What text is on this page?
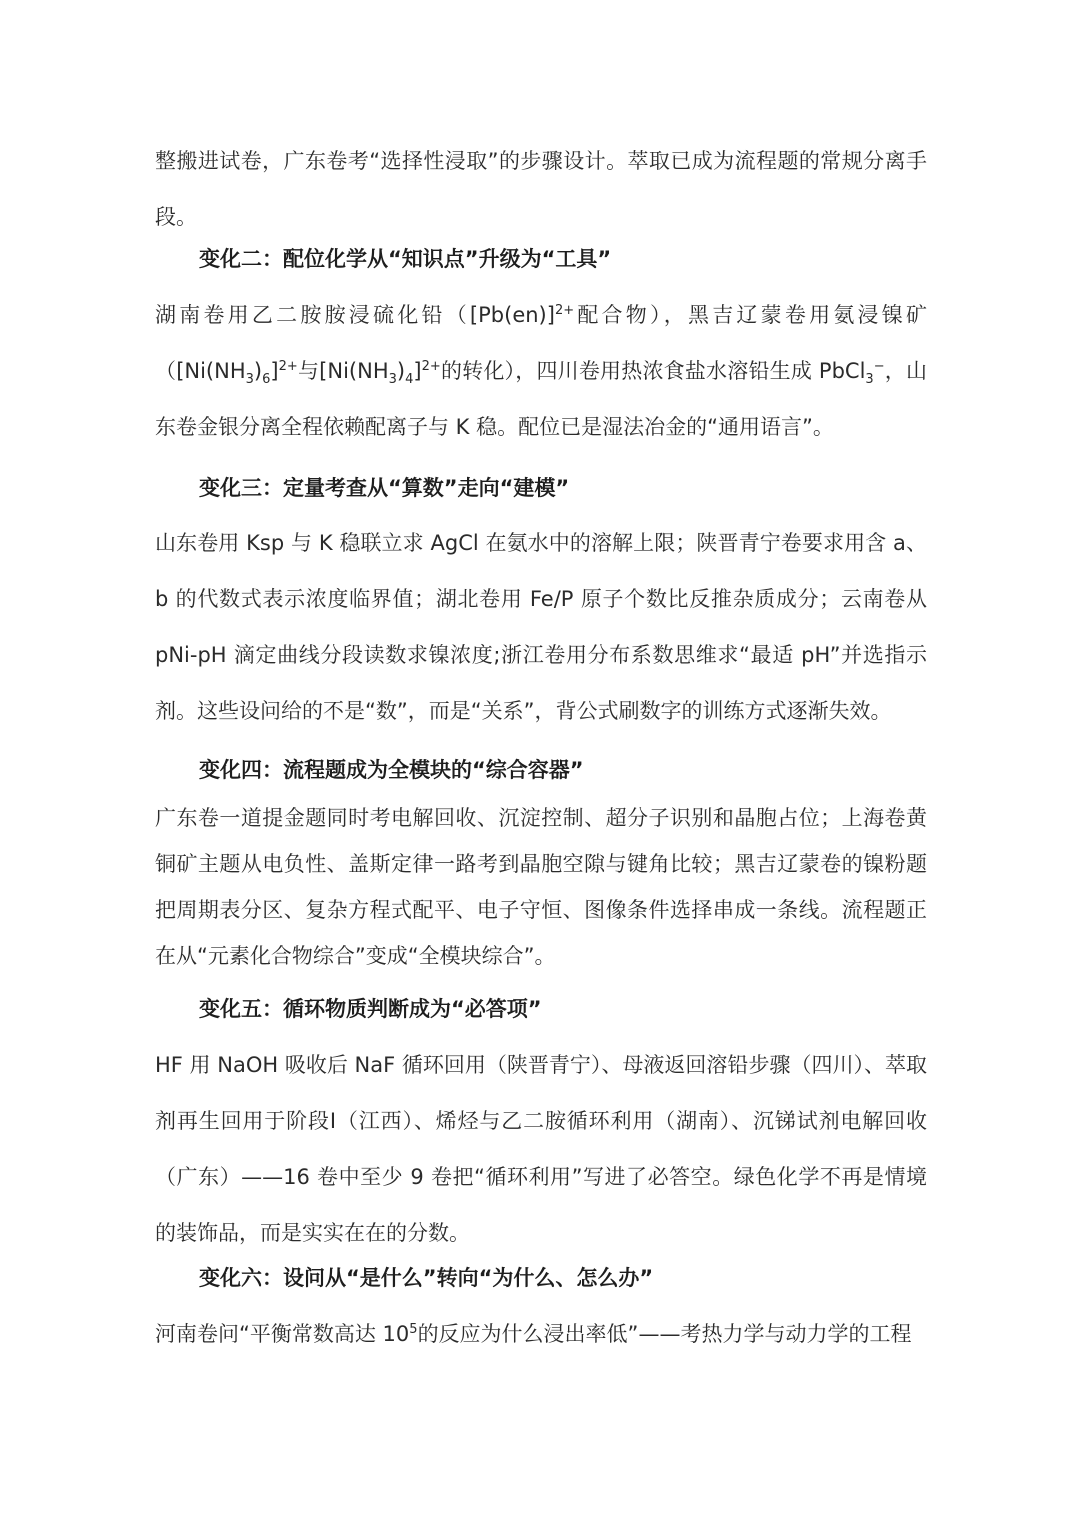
整搬进试卷，广东卷考“选择性浸取”的步骤设计。萃取已成为流程题的常规分离手段。

变化二：配位化学从“知识点”升级为“工具”

湖南卷用乙二胺胺浸硫化铅（$[Pb(en)]^{2+}$配合物），黑吉辽蒙卷用氨浸镍矿（$[Ni(NH_3)_6]^{2+}$与$[Ni(NH_3)_4]^{2+}$的转化），四川卷用热浓食盐水溶铅生成 PbCl$_3$−，山东卷金银分离全程依赖配离子与 K 稳。配位已是湿法冶金的“通用语言”。

变化三：定量考查从“算数”走向“建模”

山东卷用 Ksp 与 K 稳联立求 AgCl 在氨水中的溶解上限；陕晋青宁卷要求用含 a、b 的代数式表示浓度临界值；湖北卷用 Fe/P 原子个数比反推杂质成分；云南卷从 pNi-pH 滴定曲线分段读数求镍浓度;浙江卷用分布系数思维求“最适 pH”并选指示剂。这些设问给的不是“数”，而是“关系”，背公式刷数字的训练方式逐渐失效。

变化四：流程题成为全模块的“综合容器”

广东卷一道提金题同时考电解回收、沉淀控制、超分子识别和晶胞占位；上海卷黄铜矿主题从电负性、盖斯定律一路考到晶胞空隙与键角比较；黑吉辽蒙卷的镍粉题把周期表分区、复杂方程式配平、电子守恒、图像条件选择串成一条线。流程题正在从“元素化合物综合”变成“全模块综合”。

变化五：循环物质判断成为“必答项”

HF 用 NaOH 吸收后 NaF 循环回用（陕晋青宁）、母液返回溶铅步骤（四川）、萃取剂再生回用于阶段Ⅰ（江西）、烯烃与乙二胺循环利用（湖南）、沉锑试剂电解回收（广东）——16 卷中至少 9 卷把“循环利用”写进了必答空。绿色化学不再是情境的装饰品，而是实实在在的分数。

变化六：设问从“是什么”转向“为什么、怎么办”

河南卷问“平衡常数高达 $10^5$的反应为什么浸出率低”——考热力学与动力学的工程
